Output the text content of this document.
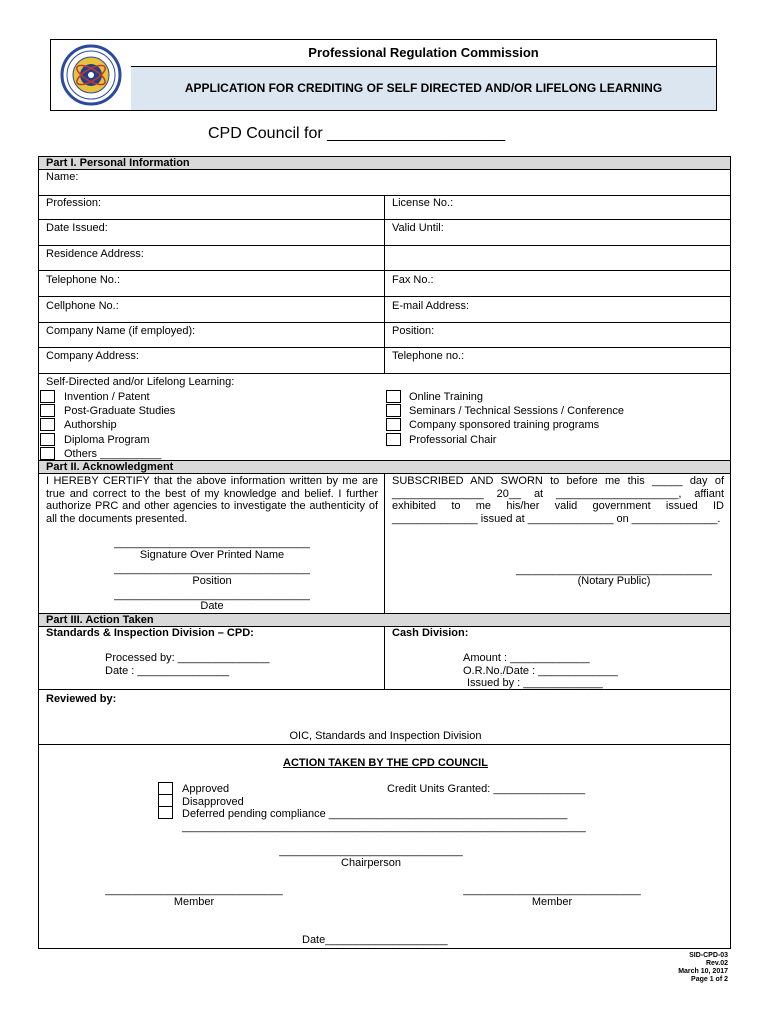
Professional Regulation Commission
APPLICATION FOR CREDITING OF SELF DIRECTED AND/OR LIFELONG LEARNING
CPD Council for ____________________
Part I. Personal Information
Name:
Profession:	License No.:
Date Issued:	Valid Until:
Residence Address:
Telephone No.:	Fax No.:
Cellphone No.:	E-mail Address:
Company Name (if employed):	Position:
Company Address:	Telephone no.:
Self-Directed and/or Lifelong Learning:
Invention / Patent
Post-Graduate Studies
Authorship
Diploma Program
Others __________
Online Training
Seminars / Technical Sessions / Conference
Company sponsored training programs
Professorial Chair
Part II. Acknowledgment
I HEREBY CERTIFY that the above information written by me are true and correct to the best of my knowledge and belief. I further authorize PRC and other agencies to investigate the authenticity of all the documents presented.
SUBSCRIBED AND SWORN to before me this _____ day of _______________ 20__ at ____________________, affiant exhibited to me his/her valid government issued ID ______________ issued at ______________ on ______________.
________________________________
Signature Over Printed Name
________________________________
Position
________________________________
Date
________________________________
(Notary Public)
Part III. Action Taken
Standards & Inspection Division – CPD:
Processed by: _______________
Date : _______________
Cash Division:
Amount : _____________
O.R.No./Date : _____________
Issued by : _____________
Reviewed by:
OIC, Standards and Inspection Division
ACTION TAKEN BY THE CPD COUNCIL
Approved
Disapproved
Deferred pending compliance _______________________________________
__________________________________________________________________
Credit Units Granted: _______________
______________________________
Chairperson
_____________________________
Member
_____________________________
Member
Date____________________
SID-CPD-03
Rev.02
March 10, 2017
Page 1 of 2
